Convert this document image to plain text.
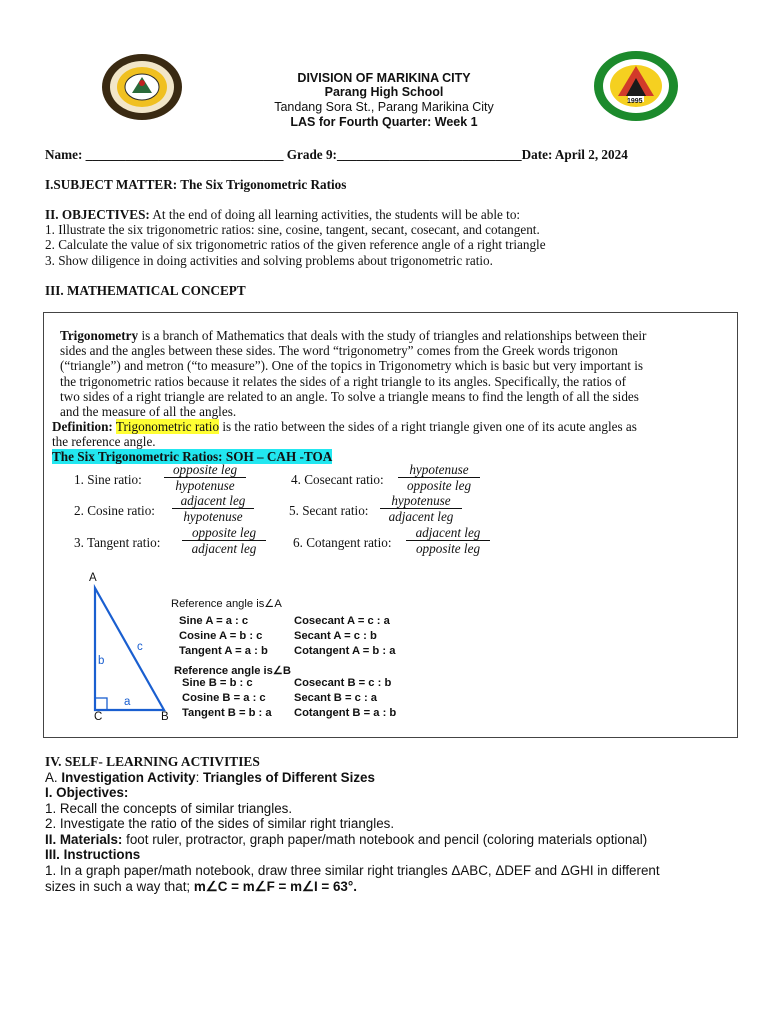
1995
DIVISION OF MARIKINA CITY
Parang High School
Tandang Sora St., Parang Marikina City
LAS for Fourth Quarter: Week 1
Name: ______________________________ Grade 9:____________________________Date: April 2, 2024
I.SUBJECT MATTER: The Six Trigonometric Ratios
II. OBJECTIVES: At the end of doing all learning activities, the students will be able to:
1. Illustrate the six trigonometric ratios: sine, cosine, tangent, secant, cosecant, and cotangent.
2. Calculate the value of six trigonometric ratios of the given reference angle of a right triangle
3. Show diligence in doing activities and solving problems about trigonometric ratio.
III. MATHEMATICAL CONCEPT
Trigonometry is a branch of Mathematics that deals with the study of triangles and relationships between their
sides and the angles between these sides. The word “trigonometry” comes from the Greek words trigonon
(“triangle”) and metron (“to measure”). One of the topics in Trigonometry which is basic but very important is
the trigonometric ratios because it relates the sides of a right triangle to its angles. Specifically, the ratios of
two sides of a right triangle are related to an angle. To solve a triangle means to find the length of all the sides
and the measure of all the angles.
Definition: Trigonometric ratio is the ratio between the sides of a right triangle given one of its acute angles as
the reference angle.
The Six Trigonometric Ratios: SOH – CAH -TOA
1. Sine ratio:
opposite leg
hypotenuse
2. Cosine ratio:
adjacent leg
hypotenuse
3. Tangent ratio:
opposite leg
adjacent leg
4. Cosecant ratio:
hypotenuse
opposite leg
5. Secant ratio:
hypotenuse
adjacent leg
6. Cotangent ratio:
adjacent leg
opposite leg
A
C	B
b
c
a
Reference angle is∠A
Sine A = a : c	Cosecant A = c : a
Cosine A = b : c	Secant A = c : b
Tangent A = a : b Cotangent A = b : a
Reference angle is∠B
Sine B = b : c	Cosecant B = c : b
Cosine B = a : c	Secant B = c : a
Tangent B = b : a Cotangent B = a : b
IV. SELF- LEARNING ACTIVITIES
A. Investigation Activity: Triangles of Different Sizes
I. Objectives:
1. Recall the concepts of similar triangles.
2. Investigate the ratio of the sides of similar right triangles.
II. Materials: foot ruler, protractor, graph paper/math notebook and pencil (coloring materials optional)
III. Instructions
1. In a graph paper/math notebook, draw three similar right triangles ΔABC, ΔDEF and ΔGHI in different
sizes in such a way that; m∠C = m∠F = m∠I = 63°.
